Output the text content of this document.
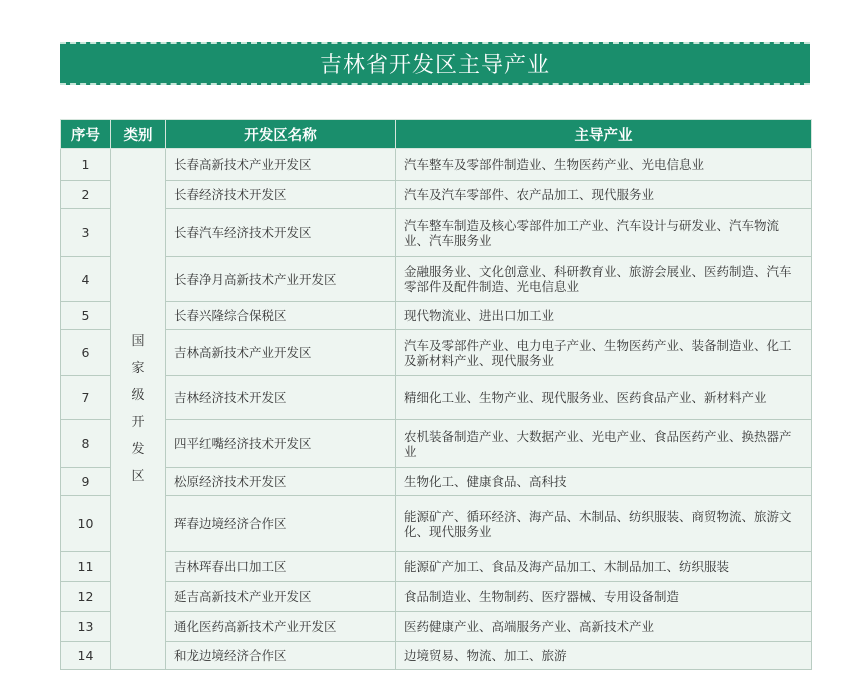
吉林省开发区主导产业
序号	类别	开发区名称	主导产业
1	国家级开发区	长春高新技术产业开发区	汽车整车及零部件制造业、生物医药产业、光电信息业
2		长春经济技术开发区	汽车及汽车零部件、农产品加工、现代服务业
3		长春汽车经济技术开发区	汽车整车制造及核心零部件加工产业、汽车设计与研发业、汽车物流业、汽车服务业
4		长春净月高新技术产业开发区	金融服务业、文化创意业、科研教育业、旅游会展业、医药制造、汽车零部件及配件制造、光电信息业
5		长春兴隆综合保税区	现代物流业、进出口加工业
6		吉林高新技术产业开发区	汽车及零部件产业、电力电子产业、生物医药产业、装备制造业、化工及新材料产业、现代服务业
7		吉林经济技术开发区	精细化工业、生物产业、现代服务业、医药食品产业、新材料产业
8		四平红嘴经济技术开发区	农机装备制造产业、大数据产业、光电产业、食品医药产业、换热器产业
9		松原经济技术开发区	生物化工、健康食品、高科技
10		珲春边境经济合作区	能源矿产、循环经济、海产品、木制品、纺织服装、商贸物流、旅游文化、现代服务业
11		吉林珲春出口加工区	能源矿产加工、食品及海产品加工、木制品加工、纺织服装
12		延吉高新技术产业开发区	食品制造业、生物制药、医疗器械、专用设备制造
13		通化医药高新技术产业开发区	医药健康产业、高端服务产业、高新技术产业
14		和龙边境经济合作区	边境贸易、物流、加工、旅游
